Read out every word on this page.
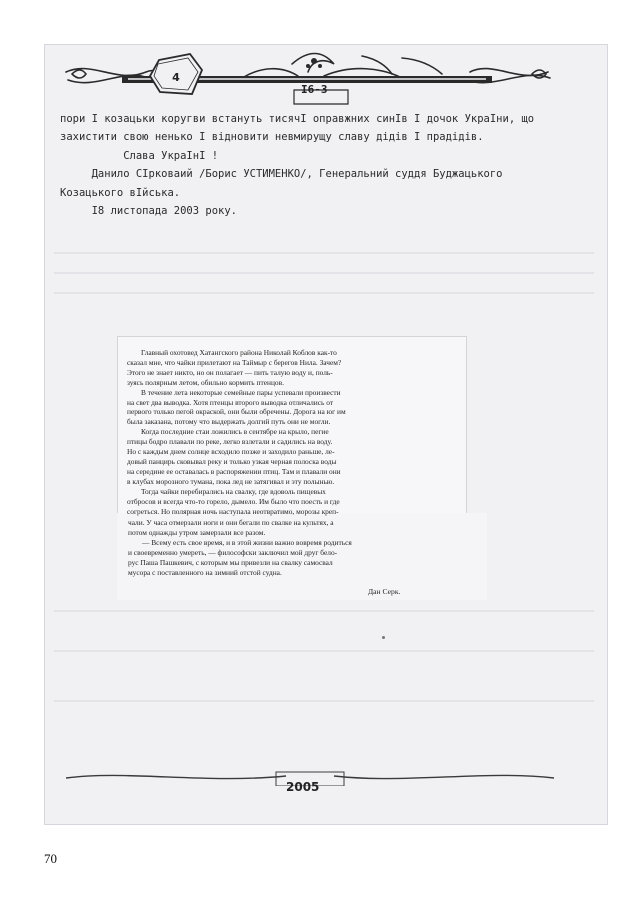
4
I6-3
пори I козацьки коругви встануть тисячI оправжних синIв I дочок УкраIни, що
захистити свою ненько I вiдновити невмирущу славу дiдiв I прадiдiв.
Слава УкраIнI !
Данило СIрковаий /Борис УСТИМЕНКО/, Генеральний суддя Буджацького
Козацького вIйська.
I8 листопада 2003 року.
Главный охотовед Хатангского района Николай Коблов как-то
сказал мне, что чайки прилетают на Таймыр с берегов Нила. Зачем?
Этого не знает никто, но он полагает — пить талую воду и, поль-
зуясь полярным летом, обильно кормить птенцов.
В течение лета некоторые семейные пары успевали произвести
на свет два выводка. Хотя птенцы второго выводка отличались от
первого только пегой окраской, они были обречены. Дорога на юг им
была заказана, потому что выдержать долгий путь они не могли.
Когда последние стаи ложились в сентябре на крыло, пегие
птицы бодро плавали по реке, легко взлетали и садились на воду.
Но с каждым днем солнце всходило позже и заходило раньше, ле-
довый панцирь сковывал реку и только узкая черная полоска воды
на середине ее оставалась в распоряжении птиц. Там и плавали они
в клубах морозного тумана, пока лед не затягивал и эту полынью.
Тогда чайки перебирались на свалку, где вдоволь пищевых
отбросов и всегда что-то горело, дымело. Им было что поесть и где
согреться. Но полярная ночь наступала неотвратимо, морозы креп-
чали. У часа отмерзали ноги и они бегали по свалке на культях, а
потом однажды утром замерзали все разом.
— Всему есть свое время, и в этой жизни важно вовремя родиться
и своевременно умереть, — философски заключил мой друг бело-
рус Паша Пашкевич, с которым мы привезли на свалку самосвал
мусора с поставленного на зимний отстой судна.
Дан Серк.
2005
70
